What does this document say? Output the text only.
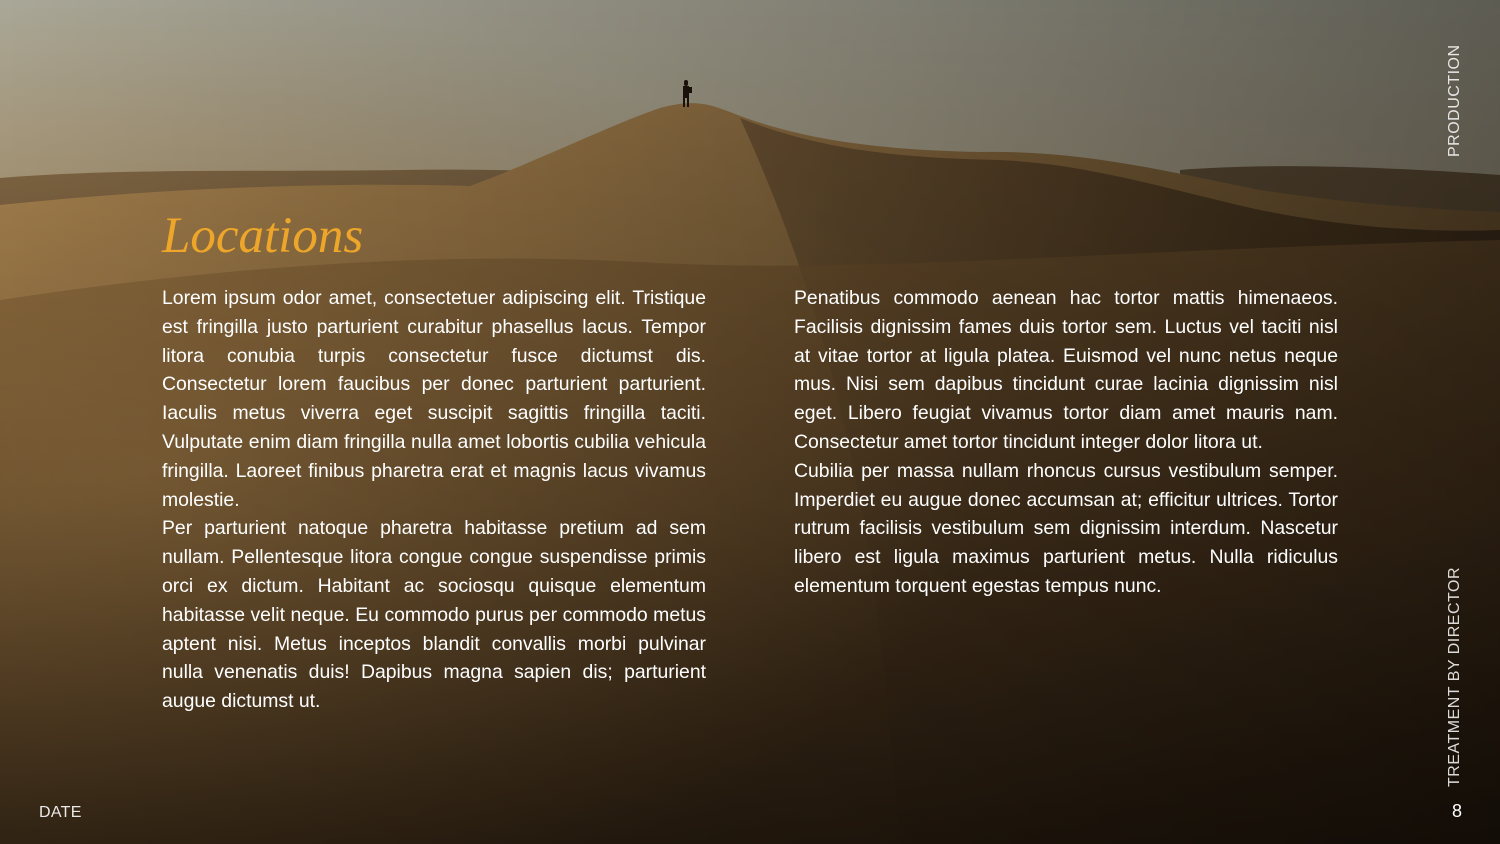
Locations

Lorem ipsum odor amet, consectetuer adipiscing elit. Tristique est fringilla justo parturient curabitur phasellus lacus. Tempor litora conubia turpis consectetur fusce dictumst dis. Consectetur lorem faucibus per donec parturient parturient. Iaculis metus viverra eget suscipit sagittis fringilla taciti. Vulputate enim diam fringilla nulla amet lobortis cubilia vehicula fringilla. Laoreet finibus pharetra erat et magnis lacus vivamus molestie.

Per parturient natoque pharetra habitasse pretium ad sem nullam. Pellentesque litora congue congue suspendisse primis orci ex dictum. Habitant ac sociosqu quisque elementum habitasse velit neque. Eu commodo purus per commodo metus aptent nisi. Metus inceptos blandit convallis morbi pulvinar nulla venenatis duis! Dapibus magna sapien dis; parturient augue dictumst ut.

Penatibus commodo aenean hac tortor mattis himenaeos. Facilisis dignissim fames duis tortor sem. Luctus vel taciti nisl at vitae tortor at ligula platea. Euismod vel nunc netus neque mus. Nisi sem dapibus tincidunt curae lacinia dignissim nisl eget. Libero feugiat vivamus tortor diam amet mauris nam. Consectetur amet tortor tincidunt integer dolor litora ut.

Cubilia per massa nullam rhoncus cursus vestibulum semper. Imperdiet eu augue donec accumsan at; efficitur ultrices. Tortor rutrum facilisis vestibulum sem dignissim interdum. Nascetur libero est ligula maximus parturient metus. Nulla ridiculus elementum torquent egestas tempus nunc.

PRODUCTION
TREATMENT BY DIRECTOR
DATE	8
